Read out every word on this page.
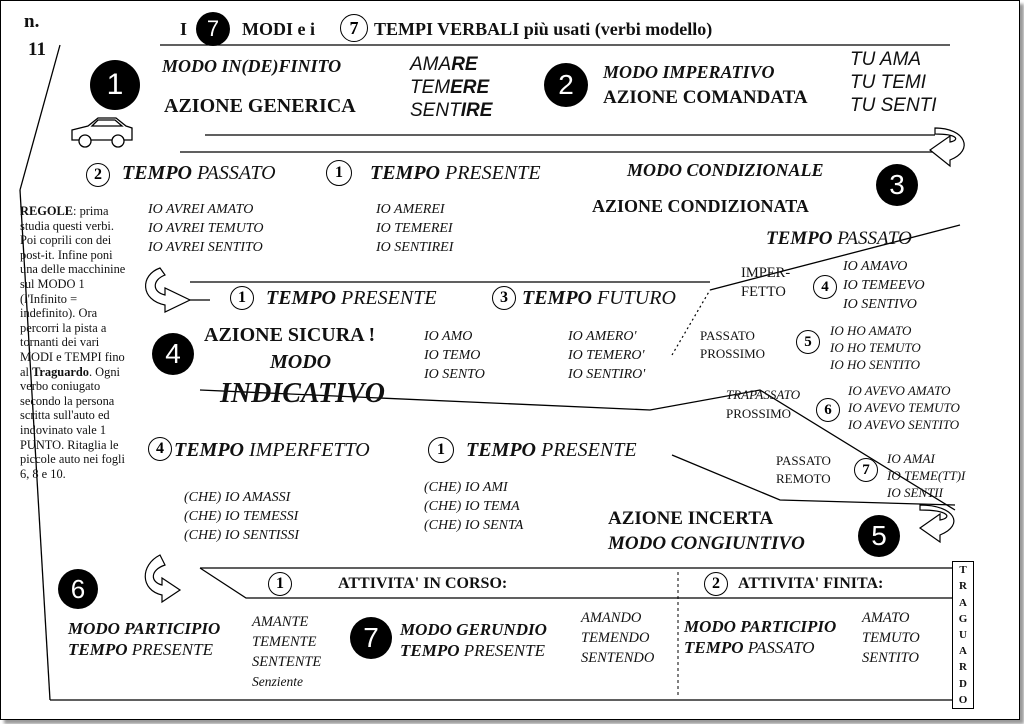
n.
11
I 7	MODI e i	7 TEMPI VERBALI più usati (verbi modello)
1
MODO IN(DE)FINITO
AZIONE GENERICA
AMARE
TEMERE
SENTIRE
2	MODO IMPERATIVO
AZIONE COMANDATA
TU AMA
TU TEMI
TU SENTI
2	TEMPO PASSATO	1	TEMPO PRESENTE	MODO CONDIZIONALE	3
AZIONE CONDIZIONATA
IO AVREI AMATO
IO AVREI TEMUTO
IO AVREI SENTITO
IO AMEREI
IO TEMEREI
IO SENTIREI
REGOLE: prima studia questi verbi. Poi coprili con dei post-it. Infine poni una delle macchinine sul MODO 1 (l'Infinito = indefinito). Ora percorri la pista a tornanti dei vari MODI e TEMPI fino al Traguardo. Ogni verbo coniugato secondo la persona scritta sull'auto ed indovinato vale 1 PUNTO. Ritaglia le piccole auto nei fogli 6, 8 e 10.
TEMPO PASSATO
1	TEMPO PRESENTE	3 TEMPO FUTURO
4
AZIONE SICURA !
MODO
INDICATIVO
IO AMO
IO TEMO
IO SENTO
IO AMERO'
IO TEMERO'
IO SENTIRO'
IMPER-
FETTO	4
IO AMAVO
IO TEMEEVO
IO SENTIVO
PASSATO
PROSSIMO
5
IO HO AMATO
IO HO TEMUTO
IO HO SENTITO
TRAPASSATO
PROSSIMO	6
IO AVEVO AMATO
IO AVEVO TEMUTO
IO AVEVO SENTITO
PASSATO
REMOTO
7
IO AMAI
IO TEME(TT)I
IO SENTII
4 TEMPO IMPERFETTO	1	TEMPO PRESENTE
(CHE) IO AMASSI
(CHE) IO TEMESSI
(CHE) IO SENTISSI
(CHE) IO AMI
(CHE) IO TEMA
(CHE) IO SENTA	AZIONE INCERTA
MODO CONGIUNTIVO	5
6	1	ATTIVITA' IN CORSO:	2	ATTIVITA' FINITA:
MODO PARTICIPIO
TEMPO PRESENTE
AMANTE
TEMENTE
SENTENTE
Senziente
7	MODO GERUNDIO
TEMPO PRESENTE
AMANDO
TEMENDO
SENTENDO
MODO PARTICIPIO
TEMPO PASSATO
AMATO
TEMUTO
SENTITO
T
R
A
G
U
A
R
D
O
